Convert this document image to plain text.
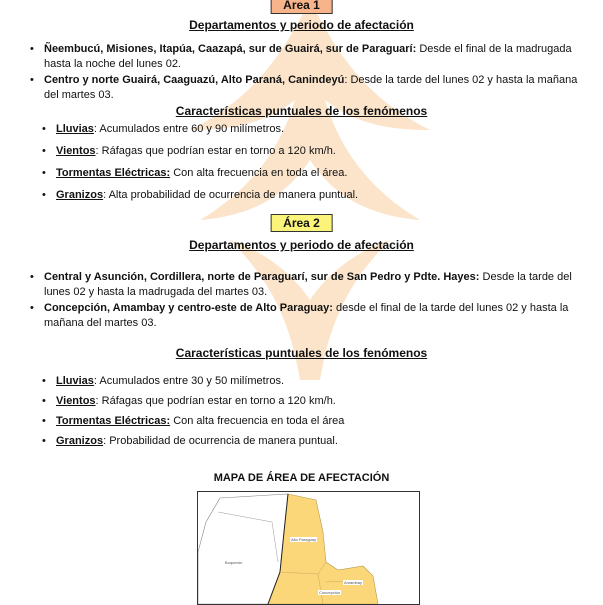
Area 1
Departamentos y periodo de afectación
• Ñeembucú, Misiones, Itapúa, Caazapá, sur de Guairá, sur de Paraguarí: Desde el final de la madrugada hasta la noche del lunes 02.
• Centro y norte Guairá, Caaguazú, Alto Paraná, Canindeyú: Desde la tarde del lunes 02 y hasta la mañana del martes 03.
Características puntuales de los fenómenos
• Lluvias: Acumulados entre 60 y 90 milímetros.
• Vientos: Ráfagas que podrían estar en torno a 120 km/h.
• Tormentas Eléctricas: Con alta frecuencia en toda el área.
• Granizos: Alta probabilidad de ocurrencia de manera puntual.
Área 2
Departamentos y periodo de afectación
• Central y Asunción, Cordillera, norte de Paraguarí, sur de San Pedro y Pdte. Hayes: Desde la tarde del lunes 02 y hasta la madrugada del martes 03.
• Concepción, Amambay y centro-este de Alto Paraguay: desde el final de la tarde del lunes 02 y hasta la mañana del martes 03.
Características puntuales de los fenómenos
• Lluvias: Acumulados entre 30 y 50 milímetros.
• Vientos: Ráfagas que podrían estar en torno a 120 km/h.
• Tormentas Eléctricas: Con alta frecuencia en toda el área
• Granizos: Probabilidad de ocurrencia de manera puntual.
MAPA DE ÁREA DE AFECTACIÓN
Alto Paraguay
Boquerón
Amambay
Concepción
